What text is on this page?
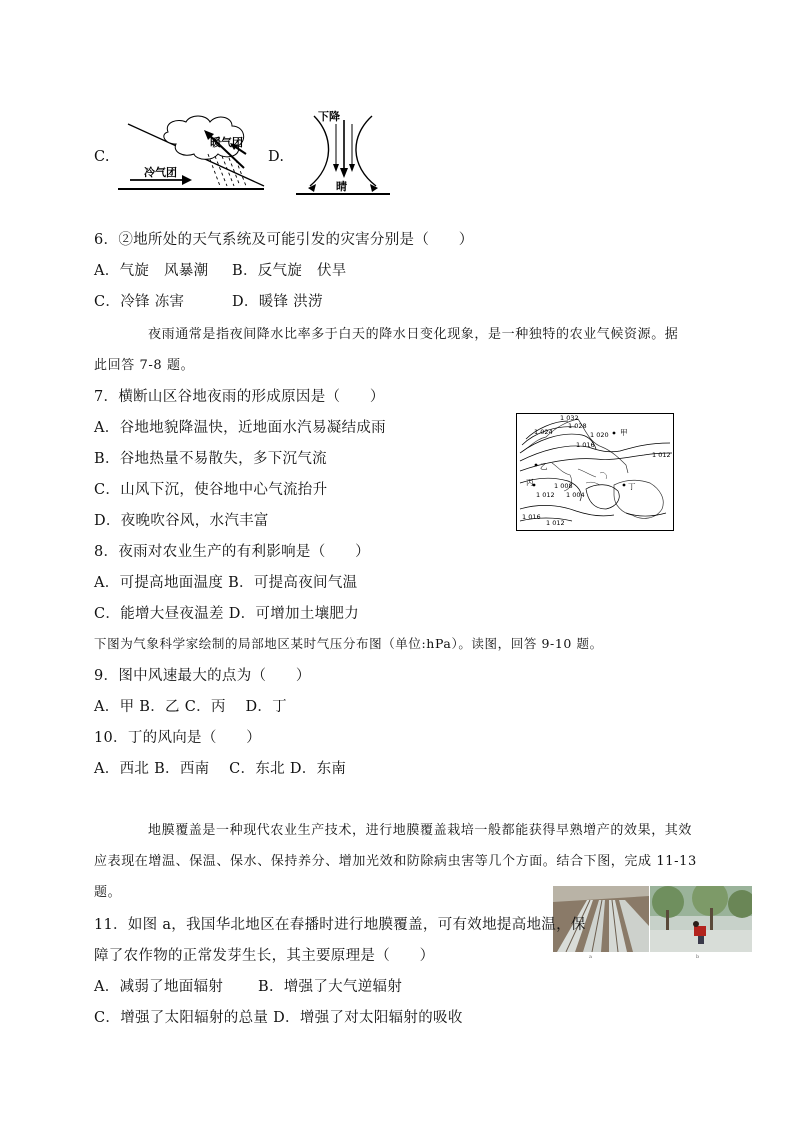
C.
暖气团
冷气团
D.
下降
晴
6．②地所处的天气系统及可能引发的灾害分别是（　　）
A．气旋　风暴潮 B．反气旋　伏旱
C．冷锋 冻害	D．暖锋 洪涝
夜雨通常是指夜间降水比率多于白天的降水日变化现象，是一种独特的农业气候资源。据
此回答 7-8 题。
7．横断山区谷地夜雨的形成原因是（　　）
A．谷地地貌降温快，近地面水汽易凝结成雨
B．谷地热量不易散失，多下沉气流
C．山风下沉，使谷地中心气流抬升
D．夜晚吹谷风，水汽丰富
1 032
1 028
1 024	1 020
1 016
1 012
1 008
1 004
1 012
1 016
1 012
甲
乙
丙	丁
8．夜雨对农业生产的有利影响是（　　）
A．可提高地面温度 B．可提高夜间气温
C．能增大昼夜温差 D．可增加土壤肥力
下图为气象科学家绘制的局部地区某时气压分布图（单位:hPa）。读图，回答 9-10 题。
9．图中风速最大的点为（　　）
A．甲 B．乙 C．丙　 D．丁
10．丁的风向是（　　）
A．西北 B．西南　 C．东北 D．东南
地膜覆盖是一种现代农业生产技术，进行地膜覆盖栽培一般都能获得早熟增产的效果，其效
应表现在增温、保温、保水、保持养分、增加光效和防除病虫害等几个方面。结合下图，完成 11-13
题。
a	b
11．如图 a，我国华北地区在春播时进行地膜覆盖，可有效地提高地温，保
障了农作物的正常发芽生长，其主要原理是（　　）
A．减弱了地面辐射 B．增强了大气逆辐射
C．增强了太阳辐射的总量 D．增强了对太阳辐射的吸收
